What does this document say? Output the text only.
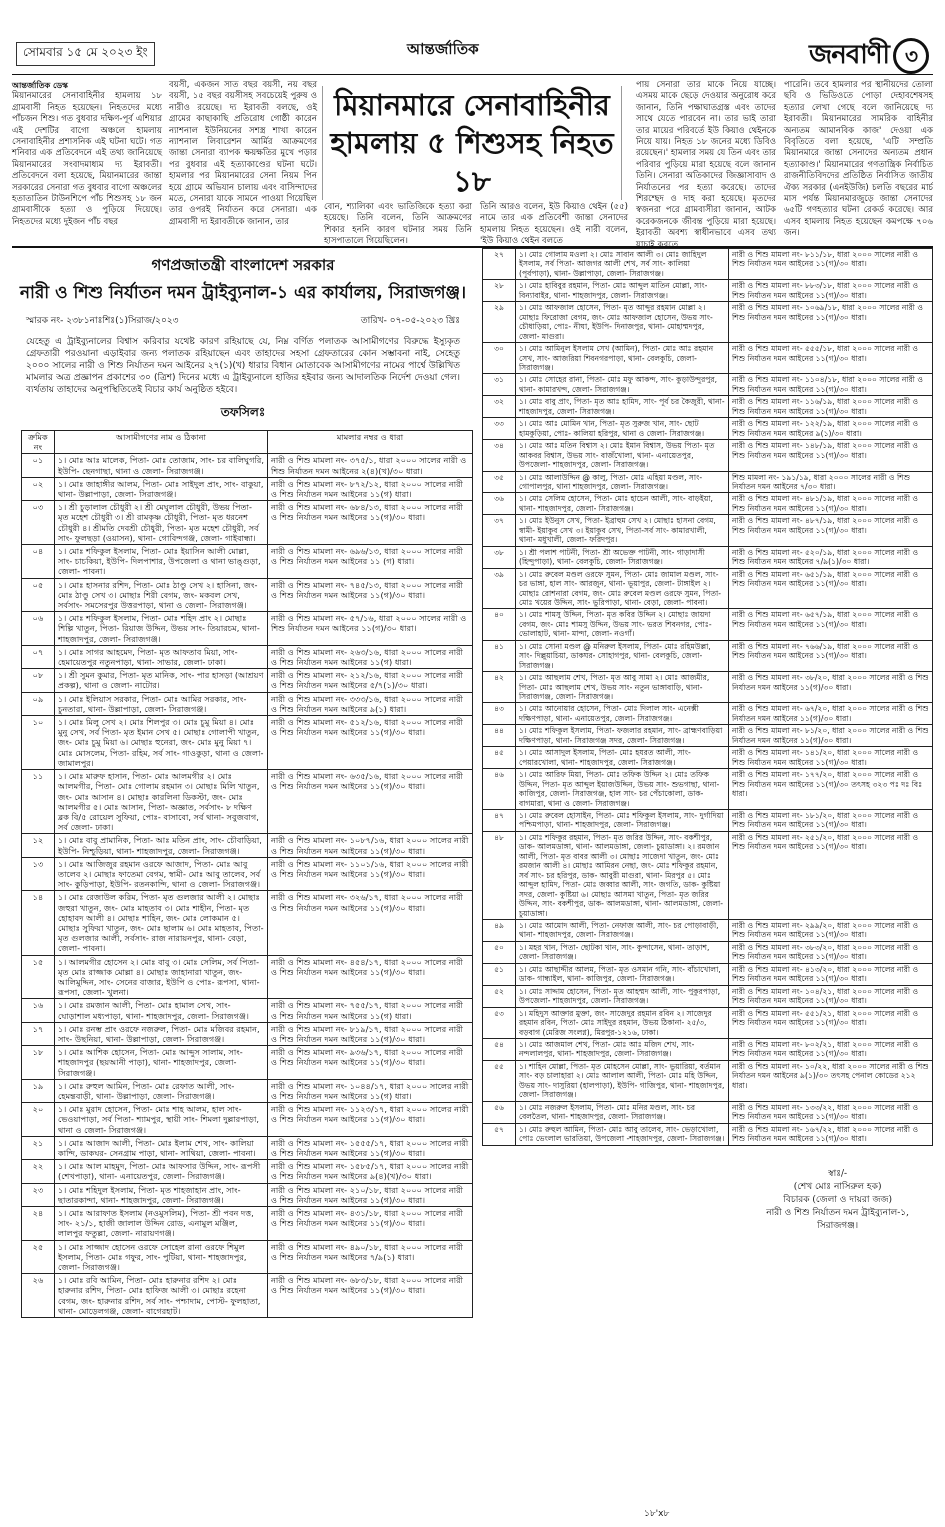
সোমবার ১৫ মে ২০২৩ ইং	আন্তর্জাতিক	জনবাণী ৩
আন্তর্জাতিক ডেস্ক
মিয়ানমারের সেনাবাহিনীর হামলায় ১৮ গ্রামবাসী নিহত হয়েছেন। নিহতদের মধ্যে পাঁচজন শিশু। গত বুধবার দক্ষিণ-পূর্ব এশিয়ার এই দেশটির বাগো অঞ্চলে হামলায় সেনাবাহিনীর প্রশাসনিক এই ঘটনা ঘটে। গত শনিবার এক প্রতিবেদনে এই তথ্য জানিয়েছে মিয়ানমারের সংবাদমাধ্যম দ্য ইরাবতী। প্রতিবেদনে বলা হয়েছে, মিয়ানমারের জান্তা সরকারের সেনারা গত বুধবার বাগো অঞ্চলের হতাতাতিন টাউনশিপে পাঁচ শিশুসহ ১৮ জন গ্রামবাসীকে হত্যা ও পুড়িয়ে দিয়েছে। নিহতদের মধ্যে দুইজন পাঁচ বছর
বয়সী, একজন সাত বছর বয়সী, নয় বছর বয়সী, ১৫ বছর বয়সীসহ সবচেয়েই পুরুষ ও নারীও রয়েছে। দ্য ইরাবতী বলছে, ওই গ্রামের কাছাকাছি প্রতিরোধ গোষ্ঠী কারেন ন্যাশনাল ইউনিয়নের সশস্ত্র শাখা কারেন ন্যাশনাল লিবারেশন আর্মির আক্রমণের জান্তা সেনারা ব্যাপক ক্ষয়ক্ষতির মুখে পড়ার পর বুধবার এই হত্যাকাণ্ডের ঘটনা ঘটে। হামলার পর মিয়ানমারের সেনা নিয়ম পিন হয়ে গ্রামে অভিযান চালায় এবং বাসিন্দাদের মতে, সেনারা যাকে সামনে পাওয়া গিয়েছিল তার ওপরই নির্যাতন করে সেনারা। এক গ্রামবাসী দ্য ইরাবতীকে জানান, তার
বোন, শ্যালিকা এবং ভাতিজিকে হত্যা করা হয়েছে। তিনি বলেন, তিনি আক্রমণের শিকার হননি কারণ ঘটনার সময় তিনি হাসপাতালে গিয়েছিলেন।
তিনি আরও বলেন, ইউ কিয়াও থেইন (৫৫) নামে তার এক প্রতিবেশী জান্তা সেনাদের হামলায় নিহত হয়েছেন। ওই নারী বলেন, 'ইউ কিয়াও থেইন বলতে
পায় সেনারা তার মাকে নিয়ে যাচ্ছে। এসময় মাকে ছেড়ে দেওয়ার অনুরোধ করে জানান, তিনি পক্ষাঘাতগ্রস্ত এবং তাদের সাথে যেতে পারবেন না। তার ভাই তারা তার মায়ের পরিবর্তে ইউ কিয়াও থেইনকে নিয়ে যায়। নিহত ১৮ জনের মধ্যে ডিবিও রয়েছেন।' হামলার সময় যে তিন এবং তার পরিবার পুড়িয়ে মারা হয়েছে বলে জানান তিনি। সেনারা অতিকাদের জিজ্ঞাসাবাদ ও নির্যাতনের পর হত্যা করেছে। তাদের শিরশ্ছেদ ও দাহ করা হয়েছে। মৃতদের স্বজনরা পরে গ্রামবাসীরা জানান, আটক করেকজনকে জীবন্ত পুড়িয়ে মারা হয়েছে। ইরাবতী অবশ্য স্বাধীনভাবে এসব তথ্য যাচাই করতে
পারেনি। তবে হামলার পর স্থানীয়দের তোলা ছবি ও ভিডিওতে পোড়া দেহাবশেষসহ হত্যার লেখা গেছে বলে জানিয়েছে দ্য ইরাবতী। মিয়ানমারের সামরিক বাহিনীর অন্যতম আমানবিক কাজ' দেওয়া এক বিবৃতিতে বলা হয়েছে, 'এটি সম্প্রতি মিয়ানমারে জান্তা সেনাদের অন্যতম প্রধান হত্যাকাণ্ড।' মিয়ানমারের গণতান্ত্রিক নির্বাচিত রাজনীতিবিদদের প্রতিষ্ঠিত নির্বাসিত জাতীয় ঐক্য সরকার (এনইউজি) চলতি বছরের মার্চ মাস পর্যন্ত মিয়ানমারজুড়ে জান্তা সেনাদের ৬৫টি গণহত্যার ঘটনা রেকর্ড করেছে। আর এসব হামলায় নিহত হয়েছেন কমপক্ষে ৭০৬ জন।
মিয়ানমারে সেনাবাহিনীর হামলায় ৫ শিশুসহ নিহত ১৮
গণপ্রজাতন্ত্রী বাংলাদেশ সরকার
নারী ও শিশু নির্যাতন দমন ট্রাইব্যুনাল-১ এর কার্যালয়, সিরাজগঞ্জ।
স্মারক নং- ২৩৮১নাঃশিঃ(১)সিরাজ/২০২৩	তারিখ- ০৭-০৫-২০২৩ খ্রিঃ
যেহেতু এ ট্রাইব্যুনালের বিশ্বাস করিবার যথেষ্ট কারণ রহিয়াছে যে, নিম্ন বর্ণিত পলাতক আসামীগণের বিরুদ্ধে ইস্যুকৃত গ্রেফতারী পরওয়ানা এড়াইবার জন্য পলাতক রহিয়াছেন এবং তাহাদের সহসা গ্রেফতারের কোন সম্ভাবনা নাই, সেহেতু ২০০০ সালের নারী ও শিশু নির্যাতন দমন আইনের ২৭(১)(খ) ধারার বিধান মোতাবেক আসামীগণের নামের পার্শ্বে উল্লিখিত মামলার অত্র প্রজ্ঞাপন প্রকাশের ৩০ (ত্রিশ) দিনের মধ্যে এ ট্রাইব্যুনালে হাজির হইবার জন্য আদালতিক নির্দেশ দেওয়া গেল। ব্যর্থতায় তাহাদের অনুপস্থিতিতেই বিচার কার্য অনুষ্ঠিত হইবে।
তফসিলঃ
ক্রমিক নং	আসামীগণের নাম ও ঠিকানা	মামলার নম্বর ও ধারা
০১	১। মোঃ আঃ মালেক, পিতা- মোঃ তোজাম, সাং- চর বালিঘুগরি, ইউপি- ছেনগাছা, থানা ও জেলা- সিরাজগঞ্জ।	নারী ও শিশু মামলা নং- ৩৭৫/১, ধারা ২০০০ সালের নারী ও শিশু নির্যাতন দমন আইনের ২(৪)(খ)/৩০ ধারা।
০২	১। মোঃ জাহাঙ্গীর আলম, পিতা- মোঃ সাইদুল প্রাং, সাং- বাকুয়া, থানা- উল্লাপাড়া, জেলা- সিরাজগঞ্জ।	নারী ও শিশু মামলা নং- ৮৭২/১২, ধারা ২০০০ সালের নারী ও শিশু নির্যাতন দমন আইনের ১১(গ) ধারা।
০৩	১। শ্রী চুড়ালাল চৌধুরী ২। শ্রী মেঘুলাল চৌধুরী, উভয় পিতা- মৃত মহেশ চৌধুরী ৩। শ্রী রামকৃষ্ণ চৌধুরী, পিতা- মৃত ধরনেশ চৌধুরী ৪। শ্রীমতি দেবশ্রী চৌধুরী, পিতা- মৃত মহেশ চৌধুরী, সর্ব সাং- ফুলছড়া (ওয়াসন), থানা- গোবিন্দগঞ্জ, জেলা- গাইবান্ধা।	নারী ও শিশু মামলা নং- ৬৮৪/১৩, ধারা ২০০০ সালের নারী ও শিশু নির্যাতন দমন আইনের ১১(গ)/৩০ ধারা।
০৪	১। মোঃ শফিকুল ইসলাম, পিতা- মোঃ ইয়াসিন আলী মোল্লা, সাং- চাচকিয়া, ইউপি- দিলপাশার, উপজেলা ও থানা ভাঙ্গুড়া, জেলা- পাবনা।	নারী ও শিশু মামলা নং- ৬৯৬/১৩, ধারা ২০০০ সালের নারী ও শিশু নির্যাতন দমন আইনের ১১ (গ) ধারা।
০৫	১। মোঃ হাসনার রশিদ, পিতা- মোঃ ঠাণ্ডু সেখ ২। হাসিনা, জং- মোঃ ঠাণ্ডু সেখ ৩। মোছাঃ শিরী বেগম, জং- মকবল সেখ, সর্বসাং- সমসেরপুর উত্তরপাড়া, থানা ও জেলা- সিরাজগঞ্জ।	নারী ও শিশু মামলা নং- ৭৪৫/১৩, ধারা ২০০০ সালের নারী ও শিশু নির্যাতন দমন আইনের ১১(গ)/৩০ ধারা।
০৬	১। মোঃ শফিকুল ইসলাম, পিতা- মোঃ শহিদ প্রাং ২। মোছাঃ শিল্পি খাতুন, পিতা- রিয়াজ উদ্দিন, উভয় সাং- তিয়ারচম, থানা- শাহজাদপুর, জেলা- সিরাজগঞ্জ।	নারী ও শিশু মামলা নং- ৫৭/১৬, ধারা ২০০০ সালের নারী ও শিশু নির্যাতন দমন আইনের ১১(গ)/৩০ ধারা।
০৭	১। মোঃ সাগর আহমেদ, পিতা- মৃত আফতাব মিয়া, সাং- হেমায়েতপুর নতুনপাড়া, থানা- সাভার, জেলা- ঢাকা।	নারী ও শিশু মামলা নং- ২৬৩/১৬, ধারা ২০০০ সালের নারী ও শিশু নির্যাতন দমন আইনের ১১(গ) ধারা।
০৮	১। শ্রী সুমন কুমার, পিতা- মৃত মানিক, সাং- পার হাসড়া (আশ্রয়ণ প্রকল্প), থানা ও জেলা- নাটোর।	নারী ও শিশু মামলা নং- ২১২/১৬, ধারা ২০০০ সালের নারী ও শিশু নির্যাতন দমন আইনের ৫/৭(১)/৩০ ধারা।
০৯	১। মোঃ ইলিয়াস সরকার, পিতা- মোঃ আমির সরকার, সাং- চুনতারা, থানা- উল্লাপাড়া, জেলা- সিরাজগঞ্জ।	নারী ও শিশু মামলা নং- ৩৩৩/১৬, ধারা ২০০০ সালের নারী ও শিশু নির্যাতন দমন আইনের ৯(১) ধারা।
১০	১। মোঃ মিলু সেখ ২। মোঃ শিলপুর ৩। মোঃ চুমু মিয়া ৪। মোঃ মুনু সেখ, সর্ব পিতা- মৃত ইমান সেখ ৫। মোছাঃ গোলাপী খাতুন, জং- মোঃ চুমু মিয়া ৬। মোছাঃ হুনেরা, জং- মোঃ মুনু মিয়া ৭। মোঃ মোসলেম, পিতা- রহিম, সর্ব সাং- গাওকুড়া, থানা ও জেলা- জামালপুর।	নারী ও শিশু মামলা নং- ৫১২/১৬, ধারা ২০০০ সালের নারী ও শিশু নির্যাতন দমন আইনের ১১(গ)/৩০ ধারা।
১১	১। মোঃ মারুফ হাসান, পিতা- মোঃ আলমগীর ২। মোঃ আলমগীর, পিতা- মোঃ গোলাম রহমান ৩। মোছাঃ মিলি খাতুন, জং- মোঃ আসান ৪। মোছাঃ কারলিনা ডিকস্টা, জং- মোঃ আলমগীর ৫। মোঃ আসান, পিতা- অজ্ঞাত, সর্বসাং- ৮ দক্ষিণ ব্লক বি/৫ রোয়েল সুফিয়া, পোঃ- বাসাবো, সর্ব থানা- সবুজবাগ, সর্ব জেলা- ঢাকা।	নারী ও শিশু মামলা নং- ৬৩৫/১৬, ধারা ২০০০ সালের নারী ও শিশু নির্যাতন দমন আইনের ১১(গ)/৩০ ধারা।
১২	১। মোঃ বাবু প্রামানিক, পিতা- আঃ মতিন প্রাং, সাং- চৌবাড়িয়া, ইউপি- নিশ্চুড়িয়া, থানা- শাহজাদপুর, জেলা- সিরাজগঞ্জ।	নারী ও শিশু মামলা নং- ১০৮৭/১৬, ধারা ২০০০ সালের নারী ও শিশু নির্যাতন দমন আইনের ১১(গ)/৩০ ধারা।
১৩	১। মোঃ আজিজুর রহমান ওরফে আজাদ, পিতা- মোঃ আবু তালেব ২। মোছাঃ ফাতেমা বেগম, স্বামী- মোঃ আবু তালেব, সর্ব সাং- কুড়িপাড়া, ইউপি- রতনকান্দি, থানা ও জেলা- সিরাজগঞ্জ।	নারী ও শিশু মামলা নং- ১১০১/১৬, ধারা ২০০০ সালের নারী ও শিশু নির্যাতন দমন আইনের ১১(গ)/৩০ ধারা।
১৪	১। মোঃ রেজাউল করিম, পিতা- মৃত গুলজার আলী ২। মোছাঃ জহুরা খাতুন, জং- মোঃ মাহতাব ৩। মোঃ শাহীন, পিতা- মৃত হোহাবদ আলী ৪। মোছাঃ শাহিন, জং- মোঃ লোকমান ৫। মোছাঃ সুফিয়া খাতুন, জং- মোঃ ছালাম ৬। মোঃ মাহতাব, পিতা- মৃত গুলজার আলী, সর্বসাং- রাজ নারায়নপুর, থানা- বেড়া, জেলা- পাবনা।	নারী ও শিশু মামলা নং- ৩২৬/১৭, ধারা ২০০০ সালের নারী ও শিশু নির্যাতন দমন আইনের ১১(গ)/৩০ ধারা।
১৫	১। আলমগীর হোসেন ২। মোঃ বাবু ৩। মোঃ সেলিম, সর্ব পিতা- মৃত মোঃ রাজ্জাক মোল্লা ৪। মোছাঃ জাহানারা খাতুন, জং- আলিমুদ্দিন, সাং- সেনের বাজার, ইউপি ও পোঃ- রূপসা, থানা- রূপসা, জেলা- খুলনা।	নারী ও শিশু মামলা নং- ৪৫৪/১৭, ধারা ২০০০ সালের নারী ও শিশু নির্যাতন দমন আইনের ১১(গ)/৩০ ধারা।
১৬	১। মোঃ রমজান আলী, পিতা- মোঃ হামাল সেখ, সাং- ঘোড়াশাল মধ্যপাড়া, থানা- শাহজাদপুর, জেলা- সিরাজগঞ্জ।	নারী ও শিশু মামলা নং- ৭৫৫/১৭, ধারা ২০০০ সালের নারী ও শিশু নির্যাতন দমন আইনের ১১(গ) ধারা।
১৭	১। মোঃ রনম্ভ প্রাং ওরফে নজরুল, পিতা- মোঃ মজিবর রহমান, সাং- উছনিয়া, থানা- উল্লাপাড়া, জেলা- সিরাজগঞ্জ।	নারী ও শিশু মামলা নং- ৮১৯/১৭, ধারা ২০০০ সালের নারী ও শিশু নির্যাতন দমন আইনের ১১(গ)/৩০ ধারা।
১৮	১। মোঃ আশিক হোসেন, পিতা- মোঃ আব্দুস সালাম, সাং- শাহজাদপুর (ছয়আনী পাড়া), থানা- শাহজাদপুর, জেলা- সিরাজগঞ্জ।	নারী ও শিশু মামলা নং- ৯৩৬/১৭, ধারা ২০০০ সালের নারী ও শিশু নির্যাতন দমন আইনের ১১(গ)/৩০ ধারা।
১৯	১। মোঃ রুহুল আমিন, পিতা- মোঃ রেফাত আলী, সাং- হেমন্তবাড়ী, থানা- উল্লাপাড়া, জেলা- সিরাজগঞ্জ।	নারী ও শিশু মামলা নং- ১০৪৪/১৭, ধারা ২০০০ সালের নারী ও শিশু নির্যাতন দমন আইনের ১১(গ) ধারা।
২০	১। মোঃ মুরাদ হোসেন, পিতা- মোঃ শাহ আলম, হাল সাং- ভেওয়াপাড়া, সর্ব পিতা- শ্যামপুর, স্থায়ী সাং- শিমলা দুল্লারপাড়া, থানা ও জেলা- সিরাজগঞ্জ।	নারী ও শিশু মামলা নং- ১১২৩/১৭, ধারা ২০০০ সালের নারী ও শিশু নির্যাতন দমন আইনের ১১(গ)/৩০ ধারা।
২১	১। মোঃ আজাদ আলী, পিতা- মোঃ ইলাম শেখ, সাং- কালিয়া কান্দি, ডাকঘর- সেনগ্রাম পাড়া, থানা- সাথিয়া, জেলা- পাবনা।	নারী ও শিশু মামলা নং- ১৫৫৫/১৭, ধারা ২০০০ সালের নারী ও শিশু নির্যাতন দমন আইনের ১১(গ)/৩০ ধারা।
২২	১। মোঃ আল মাহমুদ, পিতা- মোঃ আফসার উদ্দিন, সাং- রূপসী (শেখপাড়া), থানা- এনায়েতপুর, জেলা- সিরাজগঞ্জ।	নারী ও শিশু মামলা নং- ১৫৮৫/১৭, ধারা ২০০০ সালের নারী ও শিশু নির্যাতন দমন আইনের ৯(৪)(খ)/৩০ ধারা।
২৩	১। মোঃ শহিদুল ইসলাম, পিতা- মৃত শাহজাহান প্রাং, সাং- ছাতারকান্দা, থানা- শাহজাদপুর, জেলা- সিরাজগঞ্জ।	নারী ও শিশু মামলা নং- ২১০/১৮, ধারা ২০০০ সালের নারী ও শিশু নির্যাতন দমন আইনের ১১(গ)/৩০ ধারা।
২৪	১। মোঃ আরাফাত ইসলাম (নওমুসলিম), পিতা- শ্রী পবন দত্ত, সাং- ২১/১, হাজী জালাল উদ্দিন রোড, এনামুল মঞ্জিল, লালপুর ফতুল্লা, জেলা- নারায়ণগঞ্জ।	নারী ও শিশু মামলা নং- ৪৩১/১৮, ধারা ২০০০ সালের নারী ও শিশু নির্যাতন দমন আইনের ১১(গ)/৩০ ধারা।
২৫	১। মোঃ সাজ্জাদ হোসেন ওরফে সোহেল রানা ওরফে শিমুল ইসলাম, পিতা- মোঃ গফুর, সাং- পুটিয়া, থানা- শাহজাদপুর, জেলা- সিরাজগঞ্জ।	নারী ও শিশু মামলা নং- ৪৯০/১৮, ধারা ২০০০ সালের নারী ও শিশু নির্যাতন দমন আইনের ৭/৯(১) ধারা।
২৬	১। মোঃ রবি আমিন, পিতা- মোঃ হারুনার রশিদ ২। মোঃ হারুনার রশিদ, পিতা- মোঃ হাফিজ আলী ৩। মোছাঃ রহেনা বেগম, জং- হারুনার রশিদ, সর্ব সাং- পশ্চাদাম, পোস্ট- ফুলহাতা, থানা- মোড়েলগঞ্জ, জেলা- বাগেরহাট।	নারী ও শিশু মামলা নং- ৬৮৩/১৮, ধারা ২০০০ সালের নারী ও শিশু নির্যাতন দমন আইনের ১১(গ)/৩০ ধারা।
২৭	১। মোঃ গোলাম মওলা ২। মোঃ সাবান আলী ৩। মোঃ জাহিদুল ইসলাম, সর্ব পিতা- আজগর আলী শেখ, সর্ব সাং- কালিয়া (পূর্বপাড়া), থানা- উল্লাপাড়া, জেলা- সিরাজগঞ্জ।	নারী ও শিশু মামলা নং- ৮১১/১৮, ধারা ২০০০ সালের নারী ও শিশু নির্যাতন দমন আইনের ১১(গ)/৩০ ধারা।
২৮	১। মোঃ হাবিবুর রহমান, পিতা- মোঃ আব্দুল মাতিন মোল্লা, সাং- বিন্যাবাইর, থানা- শাহজাদপুর, জেলা- সিরাজগঞ্জ।	নারী ও শিশু মামলা নং- ৮৮৩/১৮, ধারা ২০০০ সালের নারী ও শিশু নির্যাতন দমন আইনের ১১(গ)/৩০ ধারা।
২৯	১। মোঃ আফজাল হোসেন, পিতা- মৃত আব্দুর রহমান মোল্লা ২। মোছাঃ ফিরোজা বেগম, জং- মোঃ আফজাল হোসেন, উভয় সাং- চৌধাড়িয়া, পোঃ- নীঘা, ইউপি- দিনাজপুর, থানা- মোহাম্মদপুর, জেলা- মাগুরা।	নারী ও শিশু মামলা নং- ১০৬৯/১৮, ধারা ২০০০ সালের নারী ও শিশু নির্যাতন দমন আইনের ১১(গ)/৩০ ধারা।
৩০	১। মোঃ আমিনুল ইসলাম সেখ (আমিন), পিতা- মোঃ আঃ রহমান সেখ, সাং- আজরিয়া শিবনগরপাড়া, থানা- বেলকুচি, জেলা- সিরাজগঞ্জ।	নারী ও শিশু মামলা নং- ৫৫৫/১৮, ধারা ২০০০ সালের নারী ও শিশু নির্যাতন দমন আইনের ১১(গ)/৩০ ধারা।
৩১	১। মোঃ সোহের রানা, পিতা- মোঃ মফু আকন্দ, সাং- কুড়াউন্দুরপুর, থানা- কামারখন্দ, জেলা- সিরাজগঞ্জ।	নারী ও শিশু মামলা নং- ১১০৪/১৮, ধারা ২০০০ সালের নারী ও শিশু নির্যাতন দমন আইনের ১১(গ)/৩০ ধারা।
৩২	১। মোঃ বাবু প্রাং, পিতা- মৃত আঃ হামিদ, সাং- পূর্ব চর কৈজুরী, থানা- শাহজাদপুর, জেলা- সিরাজগঞ্জ।	নারী ও শিশু মামলা নং- ১১৬/১৯, ধারা ২০০০ সালের নারী ও শিশু নির্যাতন দমন আইনের ১১(গ)/৩০ ধারা।
৩৩	১। মোঃ আঃ মোমিন খান, পিতা- মৃত সুরুজ খান, সাং- ছোট হামকুড়িয়া, পোঃ- কালিয়া হরিপুর, থানা ও জেলা- সিরাজগঞ্জ।	নারী ও শিশু মামলা নং- ১২২/১৯, ধারা ২০০০ সালের নারী ও শিশু নির্যাতন দমন আইনের ৯(১)/৩০ ধারা।
৩৪	১। মোঃ আঃ মতিন বিশ্বাস ২। মোঃ ইমান বিশ্বাস, উভয় পিতা- মৃত আকবর বিশ্বাস, উভয় সাং- বাজঁখোলা, থানা- এনায়েতপুর, উপজেলা- শাহজাদপুর, জেলা- সিরাজগঞ্জ।	নারী ও শিশু মামলা নং- ১৪৮/১৯, ধারা ২০০০ সালের নারী ও শিশু নির্যাতন দমন আইনের ১১(গ)/৩০ ধারা।
৩৫	১। মোঃ আলাউদ্দিন @ কালু, পিতা- মোঃ এহিয়া মণ্ডল, সাং- গোপালপুর, থানা শাহজাদপুর, জেলা- সিরাজগঞ্জ।	শিশু মামলা নং- ১৯১/১৯, ধারা ২০০০ সালের নারী ও শিশু নির্যাতন দমন আইনের ৭/৩০ ধারা।
৩৬	১। মোঃ সেলিম হোসেন, পিতা- মোঃ হাচেন আলী, সাং- বাড়ইয়া, থানা- শাহজাদপুর, জেলা- সিরাজগঞ্জ।	নারী ও শিশু মামলা নং- ৪৮১/১৯, ধারা ২০০০ সালের নারী ও শিশু নির্যাতন দমন আইনের ১১(গ)/৩০ ধারা।
৩৭	১। মোঃ ইউনুস সেখ, পিতা- ইব্রাহুম সেখ ২। মোছাঃ হাসনা বেগম, স্বামী- ইয়াকুব সেখ ৩। ইয়াকুব সেখ, পিতা-সর্ব সাং- কামারখালী, থানা- মধুখালী, জেলা- ফরিদপুর।	নারী ও শিশু মামলা নং- ৪৮৭/১৯, ধারা ২০০০ সালের নারী ও শিশু নির্যাতন দমন আইনের ১১(গ)/৩০ ধারা।
৩৮	১। শ্রী পলাশ পাটনী, পিতা- শ্রী অভেক্ত পাটনী, সাং- গাড়াদাসী (হিন্দুপাড়া), থানা- বেলকুচি, জেলা- সিরাজগঞ্জ।	নারী ও শিশু মামলা নং- ৫২০/১৯, ধারা ২০০০ সালের নারী ও শিশু নির্যাতন দমন আইনের ৭/৯(১)/৩০ ধারা।
৩৯	১। মোঃ রুবেল মণ্ডল ওরফে সুমন, পিতা- মোঃ জামাল মণ্ডল, সাং- চর ভাঙ্গা, হাল সাং- আরজুন, থানা- ভূয়াপুর, জেলা- টাঙ্গাইল ২। মোছাঃ রোশনারা বেগম, জং- মোঃ রুবেল মণ্ডল ওরফে সুমন, পিতা- মোঃ খয়ের উদ্দিন, সাং- ভুরিপাড়া, থানা- বেড়া, জেলা- পাবনা।	নারী ও শিশু মামলা নং- ৬৫১/১৯, ধারা ২০০০ সালের নারী ও শিশু নির্যাতন দমন আইনের ১১(গ)/৩০ ধারা।
৪০	১। মোঃ শামসু উদ্দিন, পিতা- মৃত কবির উদ্দিন ২। মোছাঃ জায়দা বেগম, জং- মোঃ শামসু উদ্দিন, উভয় সাং- ভরত শিবনগর, পোঃ- ভোলাহাট, থানা- মান্দা, জেলা- নওগাঁ।	নারী ও শিশু মামলা নং- ৬৫৭/১৯, ধারা ২০০০ সালের নারী ও শিশু নির্যাতন দমন আইনের ১১(গ)/৩০ ধারা।
৪১	১। মোঃ সোনা মণ্ডল @ মনিরুল ইসলাম, পিতা- মোঃ রহিমউল্লা, সাং- দিল্লুয়াচিয়া, ডাকঘর- সোহাগপুর, থানা- বেলকুচি, জেলা- সিরাজগঞ্জ।	নারী ও শিশু মামলা নং- ৭৬৬/১৯, ধারা ২০০০ সালের নারী ও শিশু নির্যাতন দমন আইনের ১১(গ)/৩০ ধারা।
৪২	১। মোঃ আছলাম শেখ, পিতা- মৃত আবু সামা ২। মোঃ আজমীর, পিতা- মোঃ আছলাম শেখ, উভয় সাং- নতুন ভাঙ্গাবাড়ি, থানা- সিরাজগঞ্জ, জেলা- সিরাজগঞ্জ।	নারী ও শিশু মামলা নং- ৩৮/২০, ধারা ২০০০ সালের নারী ও শিশু নির্যাতন দমন আইনের ১১(গ)/৩০ ধারা।
৪৩	১। মোঃ আনোয়ার হোসেন, পিতা- মোঃ দিলাল সাং- এনেক্সী দক্ষিণপাড়া, থানা- এনায়েতপুর, জেলা- সিরাজগঞ্জ।	নারী ও শিশু মামলা নং- ৬৭/২০, ধারা ২০০০ সালের নারী ও শিশু নির্যাতন দমন আইনের ১১(গ)/৩০ ধারা।
৪৪	১। মোঃ শফিকুল ইসলাম, পিতা- ফজলার রহমান, সাং- ব্রাহ্মণবাড়িয়া দক্ষিণপাড়া, থানা- সিরাজগঞ্জ সদর, জেলা- সিরাজগঞ্জ।	নারী ও শিশু মামলা নং- ৮১/২০, ধারা ২০০০ সালের নারী ও শিশু নির্যাতন দমন আইনের ১১(গ)/৩০ ধারা।
৪৫	১। মোঃ আসাদুল ইসলাম, পিতা- মোঃ হযরত আলী, সাং- পেয়ারখোলা, থানা- শাহজাদপুর, জেলা- সিরাজগঞ্জ।	নারী ও শিশু মামলা নং- ১৪১/২০, ধারা ২০০০ সালের নারী ও শিশু নির্যাতন দমন আইনের ১১(গ)/৩০ ধারা।
৪৬	১। মোঃ আরিফ মিয়া, পিতা- মোঃ তফিক উদ্দিন ২। মোঃ তফিক উদ্দিন, পিতা- মৃত আব্দুল ইয়াজউদ্দিন, উভয় সাং- শুভগাছা, থানা- কাজিপুর, জেলা- সিরাজগঞ্জ, হাল সাং- চর পেঁচাকোলা, ডাক- বাগমারা, থানা ও জেলা- সিরাজগঞ্জ।	নারী ও শিশু মামলা নং- ১৭৭/২০, ধারা ২০০০ সালের নারী ও শিশু নির্যাতন দমন আইনের ১১(গ)/৩০ তৎসহ ৩২৩ পঃ দঃ বিঃ ধারা।
৪৭	১। মোঃ রুবেল হোসাইন, পিতা- মোঃ শফিকুল ইসলাম, সাং- দুর্গাদিয়া পশ্চিমপাড়া, থানা- শাহজাদপুর, জেলা- সিরাজগঞ্জ।	নারী ও শিশু মামলা নং- ১৮১/২০, ধারা ২০০০ সালের নারী ও শিশু নির্যাতন দমন আইনের ১১(গ)/৩০ ধারা।
৪৮	১। মোঃ শফিকুর রহমান, পিতা- মৃত জরির উদ্দিন, সাং- বকশীপুর, ডাক- আলমডাঙ্গা, থানা- আলমডাঙ্গা, জেলা- চুয়াডাঙ্গা। ২। রমজান আলী, পিতা- মৃত বাবর আলী ৩। মোছাঃ সাজেদা খাতুন, জং- মোঃ রমজান আলী ৪। মোছাঃ আমিরন নেছা, জং- মোঃ শফিকুর রহমান, সর্ব সাং- চর হরিপুর, ডাক- আবুরী মাগুরা, থানা- মিরপুর ৫। মোঃ আব্দুল হামিদ, পিতা- মোঃ জব্বার আলী, সাং- জগতি, ডাক- কুষ্টিয়া সদর, জেলা- কুষ্টিয়া ৬। মোছাঃ আসমা খাতুন, পিতা- মৃত জরির উদ্দিন, সাং- বকশীপুর, ডাক- আলমডাঙ্গা, থানা- আলমডাঙ্গা, জেলা- চুয়াডাঙ্গা।	নারী ও শিশু মামলা নং- ২৫১/২০, ধারা ২০০০ সালের নারী ও শিশু নির্যাতন দমন আইনের ১১(গ)/৩০ ধারা।
৪৯	১। মোঃ আমোদ আলী, পিতা- নেফাজ আলী, সাং- চর পোড়াবাড়ী, থানা- শাহজাদপুর, জেলা- সিরাজগঞ্জ।	নারী ও শিশু মামলা নং- ২৯৯/২০, ধারা ২০০০ সালের নারী ও শিশু নির্যাতন দমন আইনের ১১(গ)/৩০ ধারা।
৫০	১। মহর খান, পিতা- ছোটকা খান, সাং- কুন্দাসেন, থানা- তাড়াশ, জেলা- সিরাজগঞ্জ।	নারী ও শিশু মামলা নং- ৩৮৩/২০, ধারা ২০০০ সালের নারী ও শিশু নির্যাতন দমন আইনের ১১(গ)/৩০ ধারা।
৫১	১। মোঃ আছাদ্দীর আলম, পিতা- মৃত ওসমান গনি, সাং- বাঁচাখোলা, ডাক- গান্ধাইল, থানা- কাজিপুর, জেলা- সিরাজগঞ্জ।	নারী ও শিশু মামলা নং- ৪১৩/২০, ধারা ২০০০ সালের নারী ও শিশু নির্যাতন দমন আইনের ১১(গ)/৩০ ধারা।
৫২	১। মোঃ সাদ্দাম হোসেন, পিতা- মৃত আহম্মদ আলী, সাং- পুকুরপাড়া, উপজেলা- শাহজাদপুর, জেলা- সিরাজগঞ্জ।	নারী ও শিশু মামলা নং- ১০৪/২১, ধারা ২০০০ সালের নারী ও শিশু নির্যাতন দমন আইনের ১১(গ)/৩০ ধারা।
৫৩	১। মহিদুস আক্তার মুক্তা, জং- সাজেদুর রহমান রবিন ২। সাজেদুর রহমান রবিন, পিতা- মোঃ সাইদুর রহমান, উভয় ঠিকানা- ২৫/৩, বড়বাগ (মেরিজ সংলগ্ন), মিরপুর-১২১৬, ঢাকা।	নারী ও শিশু মামলা নং- ৫৫১/২১, ধারা ২০০০ সালের নারী ও শিশু নির্যাতন দমন আইনের ১১(গ)/৩০ ধারা।
৫৪	১। মোঃ আজমাল শেখ, পিতা- মোঃ আঃ মজিদ শেখ, সাং- নন্দলালপুর, থানা- শাহজাদপুর, জেলা- সিরাজগঞ্জ।	নারী ও শিশু মামলা নং- ৮০২/২১, ধারা ২০০০ সালের নারী ও শিশু নির্যাতন দমন আইনের ১১(গ)/৩০ ধারা।
৫৫	১। শাহিন মোল্লা, পিতা- মৃত মোহসেন মোল্লা, সাং- ভুয়ারিয়া, বর্তমান সাং- বড় চালাহারা ২। মোঃ আলাল আলী, পিতা- মোঃ মহি উদ্দিন, উভয় সাং- দাসুরিয়া (হালপাড়া), ইউপি- গাজিপুর, থানা- শাহজাদপুর, জেলা- সিরাজগঞ্জ।	নারী ও শিশু মামলা নং- ১০/২২, ধারা ২০০০ সালের নারী ও শিশু নির্যাতন দমন আইনের ৯(১)/৩০ তৎসহ পেনাল কোডের ২১২ ধারা।
৫৬	১। মোঃ নজরুল ইসলাম, পিতা- মোঃ মনির মণ্ডল, সাং- চর বেলতৈল, থানা- শাহজাদপুর, জেলা- সিরাজগঞ্জ।	নারী ও শিশু মামলা নং- ১৩৩/২২, ধারা ২০০০ সালের নারী ও শিশু নির্যাতন দমন আইনের ১১(গ)/৩০ ধারা।
৫৭	১। মোঃ রুহুল আমিন, পিতা- মোঃ আবু তালেব, সাং- ভেড়াখোলা, পোঃ ভেংলাল ভারতিয়া, উপজেলা -শাহজাদপুর, জেলা- সিরাজগঞ্জ।	নারী ও শিশু মামলা নং- ১৬৭/২২, ধারা ২০০০ সালের নারী ও শিশু নির্যাতন দমন আইনের ১১(গ)/৩০ ধারা।
স্বাঃ/-
(শেখ মোঃ নাসিরুল হক)
বিচারক (জেলা ও দায়রা জজ)
নারী ও শিশু নির্যাতন দমন ট্রাইব্যুনাল-১,
সিরাজগঞ্জ।
১৮'x৮
